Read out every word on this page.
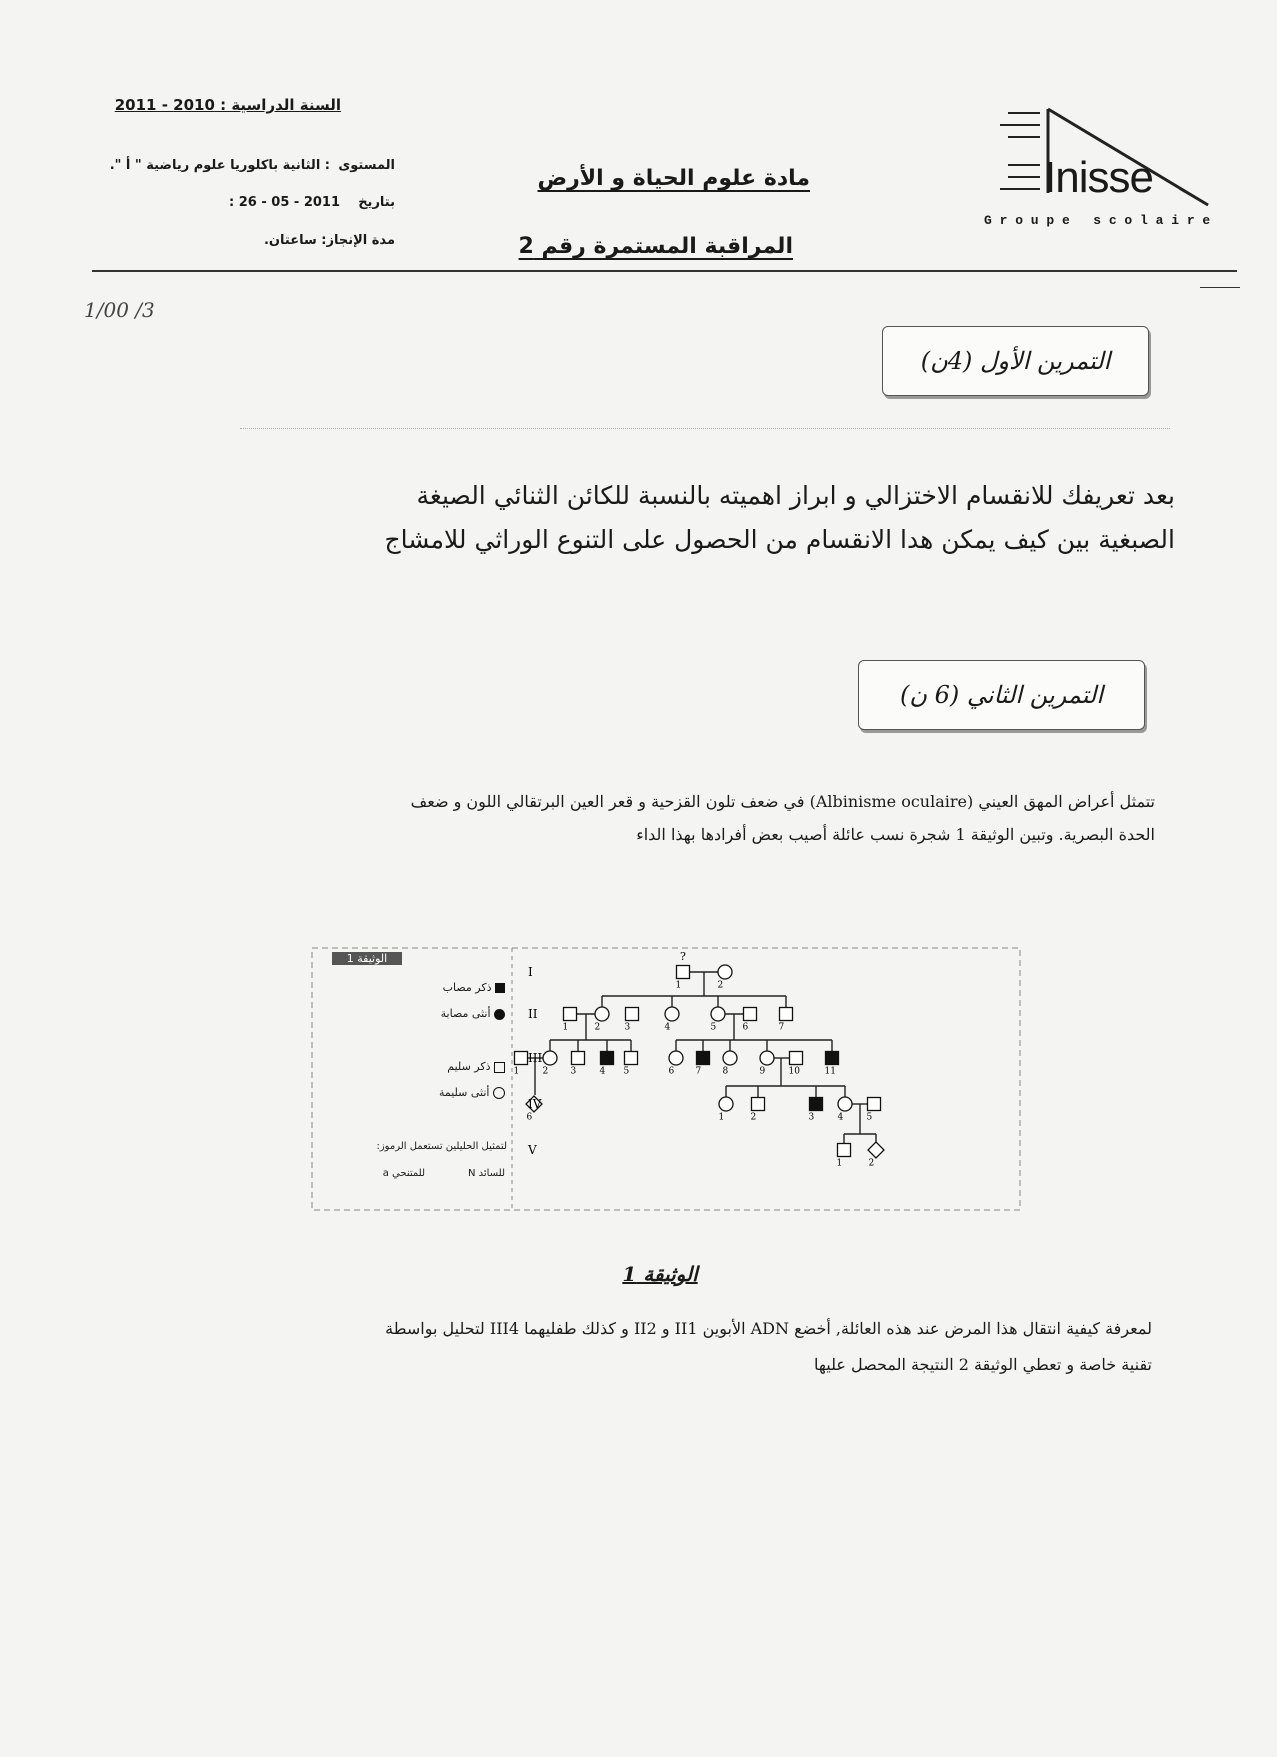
السنة الدراسية : 2010 - 2011
المستوى
: الثانية باكلوريا علوم رياضية " أ ".
بتاريخ
: 26 - 05 - 2011
مدة الإنجاز: ساعتان.
مادة علوم الحياة و الأرض
المراقبة المستمرة رقم 2
Inisse
G r o u p e   s c o l a i r e
1/00 /3
التمرين الأول (4ن)
بعد تعريفك للانقسام الاختزالي و ابراز اهميته بالنسبة للكائن الثنائي الصيغة
الصبغية بين كيف يمكن هدا الانقسام من الحصول على التنوع الوراثي للامشاج
التمرين الثاني (6 ن)
تتمثل أعراض المهق العيني (Albinisme oculaire) في ضعف تلون القزحية و قعر العين البرتقالي اللون و ضعف
الحدة البصرية. وتبين الوثيقة 1 شجرة نسب عائلة أصيب بعض أفرادها بهذا الداء
1	2
1	2	3	4	5	6	7
1	2 3	4 5	6 7 8	9	10	11
6	1	2	3	4	5
1	2
I
II
III
IV
V
?
الوثيقة 1
ذكر مصاب
أنثى مصابة
ذكر سليم
أنثى سليمة
لتمثيل الحليلين تستعمل الرموز:
N للسائد
a للمتنحي
الوثيقة 1
لمعرفة كيفية انتقال هذا المرض عند هذه العائلة, أخضع ADN الأبوين II1 و II2 و كذلك طفليهما III4 لتحليل بواسطة
تقنية خاصة و تعطي الوثيقة 2 النتيجة المحصل عليها
